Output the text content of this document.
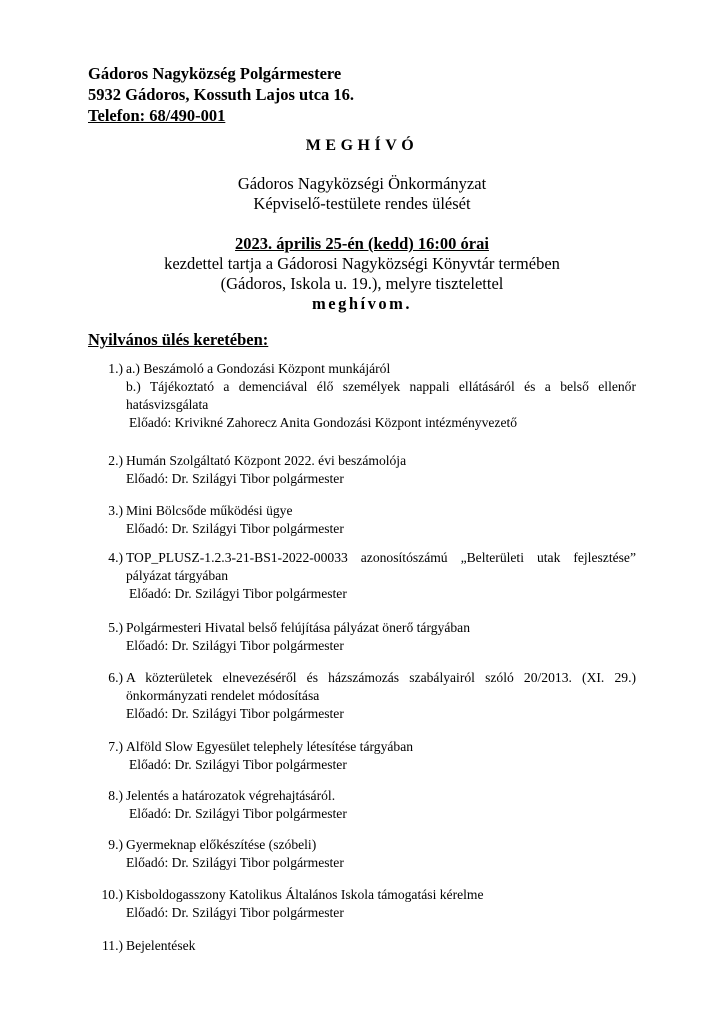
Gádoros Nagyközség Polgármestere
5932 Gádoros, Kossuth Lajos utca 16.
Telefon: 68/490-001
MEGHÍVÓ
Gádoros Nagyközségi Önkormányzat
Képviselő-testülete rendes ülését
2023. április 25-én (kedd) 16:00 órai
kezdettel tartja a Gádorosi Nagyközségi Könyvtár termében
(Gádoros, Iskola u. 19.), melyre tisztelettel
meghívom.
Nyilvános ülés keretében:
1.) a.) Beszámoló a Gondozási Központ munkájáról
b.) Tájékoztató a demenciával élő személyek nappali ellátásáról és a belső ellenőr
hatásvizsgálata
Előadó: Krivikné Zahorecz Anita Gondozási Központ intézményvezető
2.) Humán Szolgáltató Központ 2022. évi beszámolója
Előadó: Dr. Szilágyi Tibor polgármester
3.) Mini Bölcsőde működési ügye
Előadó: Dr. Szilágyi Tibor polgármester
4.) TOP_PLUSZ-1.2.3-21-BS1-2022-00033 azonosítószámú „Belterületi utak fejlesztése”
pályázat tárgyában
Előadó: Dr. Szilágyi Tibor polgármester
5.) Polgármesteri Hivatal belső felújítása pályázat önerő tárgyában
Előadó: Dr. Szilágyi Tibor polgármester
6.) A közterületek elnevezéséről és házszámozás szabályairól szóló 20/2013. (XI. 29.)
önkormányzati rendelet módosítása
Előadó: Dr. Szilágyi Tibor polgármester
7.) Alföld Slow Egyesület telephely létesítése tárgyában
Előadó: Dr. Szilágyi Tibor polgármester
8.) Jelentés a határozatok végrehajtásáról.
Előadó: Dr. Szilágyi Tibor polgármester
9.) Gyermeknap előkészítése (szóbeli)
Előadó: Dr. Szilágyi Tibor polgármester
10.) Kisboldogasszony Katolikus Általános Iskola támogatási kérelme
Előadó: Dr. Szilágyi Tibor polgármester
11.) Bejelentések
